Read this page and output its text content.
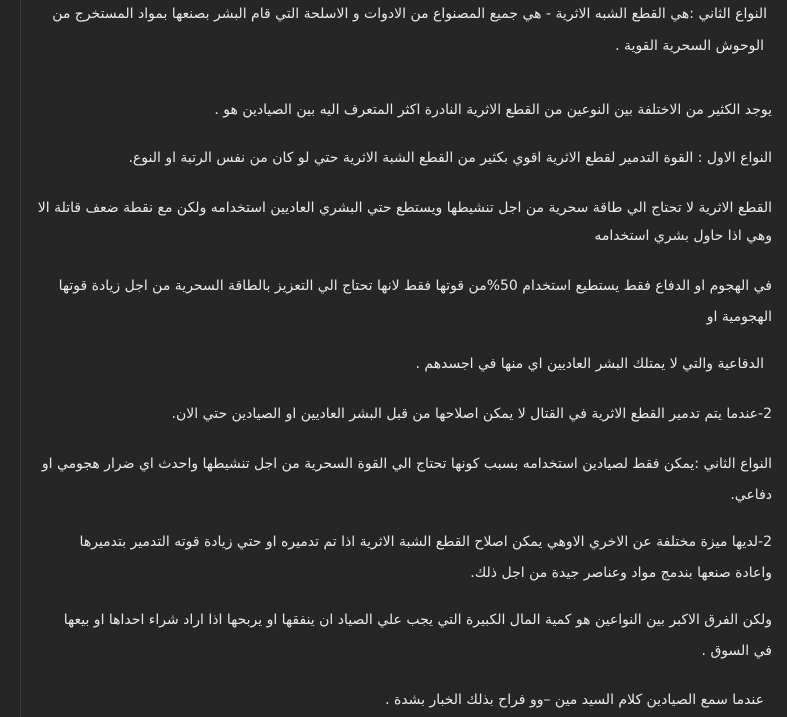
النواع الثاني :هي القطع الشبه الاثرية - هي جميع المصنواع من الادوات و الاسلحة التي قام البشر بصنعها بمواد المستخرج من
الوحوش السحرية القوية .

يوجد الكثير من الاختلفة بين النوعين من القطع الاثرية النادرة اكثر المتعرف اليه بين الصيادين هو .

النواع الاول : القوة التدمير لقطع الاثرية اقوي بكثير من القطع الشبة الاثرية حتي لو كان من نفس الرتبة او النوع.

القطع الاثرية لا تحتاج الي طاقة سحرية من اجل تنشيطها ويستطع حتي البشري العاديين استخدامه ولكن مع نقطة ضعف قاتلة الا
وهي اذا حاول بشري استخدامه

في الهجوم او الدفاع فقط يستطيع استخدام 50%من قوتها فقط لانها تحتاج الي التعزيز بالطاقة السحرية من اجل زيادة قوتها
الهجومية او

الدفاعية والتي لا يمتلك البشر العاديين اي منها في اجسدهم .

2-عندما يتم تدمير القطع الاثرية في القتال لا يمكن اصلاحها من قبل البشر العاديين او الصيادين حتي الان.

النواع الثاني :يمكن فقط لصيادين استخدامه بسبب كونها تحتاج الي القوة السحرية من اجل تنشيطها واحدث اي ضرار هجومي او
دفاعي.

2-لديها ميزة مختلفة عن الاخري الاوهي يمكن اصلاح القطع الشبة الاثرية اذا تم تدميره او حتي زيادة قوته التدمير بتدميرها
واعادة صنعها بندمج مواد وعناصر جيدة من اجل ذلك.

ولكن الفرق الاكبر بين النواعين هو كمية المال الكبيرة التي يجب علي الصياد ان ينفقها او يربحها اذا اراد شراء احداها او بيعها
في السوق .

عندما سمع الصيادين كلام السيد مين –وو فراح بذلك الخبار بشدة .
